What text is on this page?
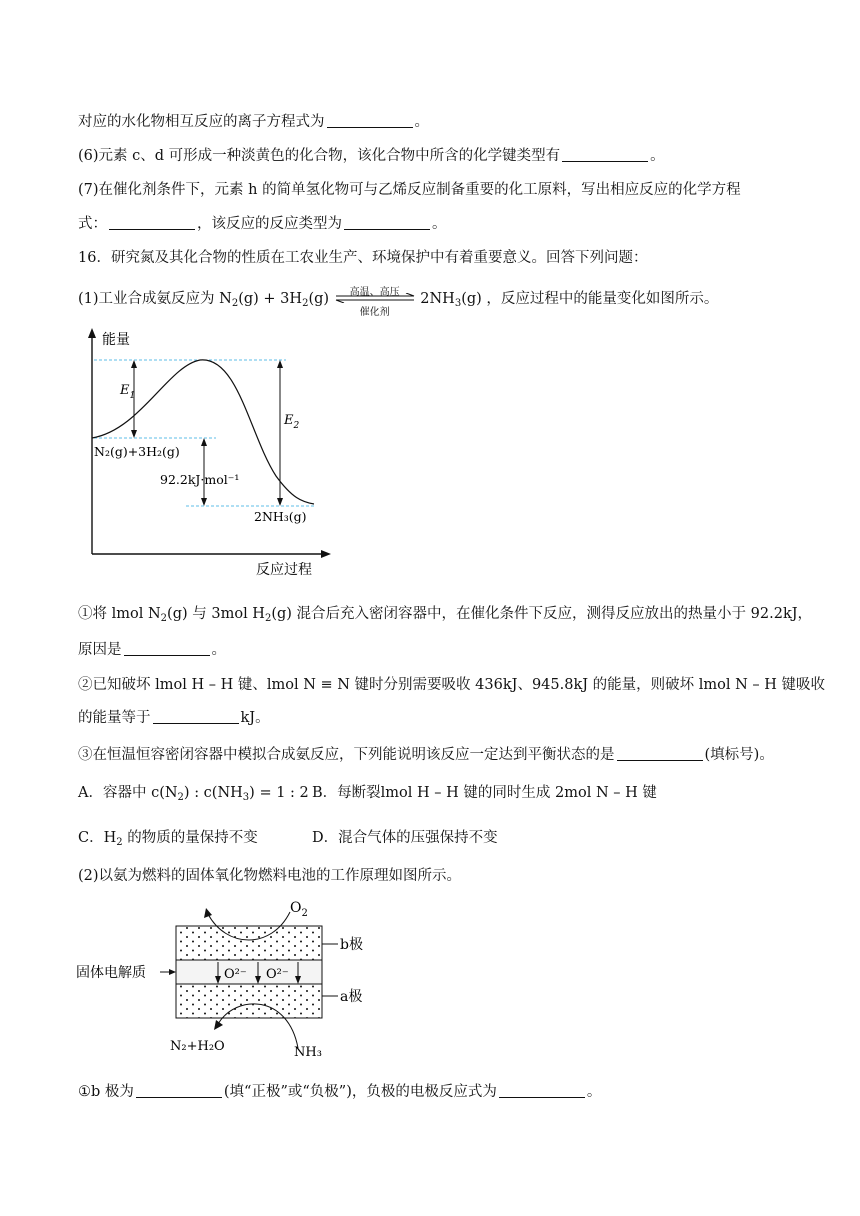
对应的水化物相互反应的离子方程式为	。
(6)元素 c、d 可形成一种淡黄色的化合物，该化合物中所含的化学键类型有	。
(7)在催化剂条件下，元素 h 的简单氢化物可与乙烯反应制备重要的化工原料，写出相应反应的化学方程
式：	，该反应的反应类型为	。
16．研究氮及其化合物的性质在工农业生产、环境保护中有着重要意义。回答下列问题：
(1)工业合成氨反应为 $N_2(g) + 3H_2(g)$	高温、高压
催化剂
$2NH_3(g)$ ，反应过程中的能量变化如图所示。
能量
反应过程
$E_1$
$E_2$
N₂(g)+3H₂(g)
92.2kJ·mol⁻¹
2NH₃(g)
①将 lmol $N_2(g)$ 与 3mol $H_2(g)$ 混合后充入密闭容器中，在催化条件下反应，测得反应放出的热量小于 92.2kJ，
原因是	。
②已知破坏 lmol H – H 键、lmol N ≡ N 键时分别需要吸收 436kJ、945.8kJ 的能量，则破坏 lmol N – H 键吸收
的能量等于	kJ。
③在恒温恒容密闭容器中模拟合成氨反应，下列能说明该反应一定达到平衡状态的是	(填标号)。
A．容器中 $c(N_2)$ : $c(NH_3) = 1$ : 2 B．每断裂lmol H – H 键的同时生成 2mol N – H 键
C．$H_2$ 的物质的量保持不变	D．混合气体的压强保持不变
(2)以氨为燃料的固体氧化物燃料电池的工作原理如图所示。
$O_2$
O²⁻ O²⁻
N₂+H₂O	NH₃
b极
a极
固体电解质
①b 极为	(填“正极”或“负极”)，负极的电极反应式为	。
